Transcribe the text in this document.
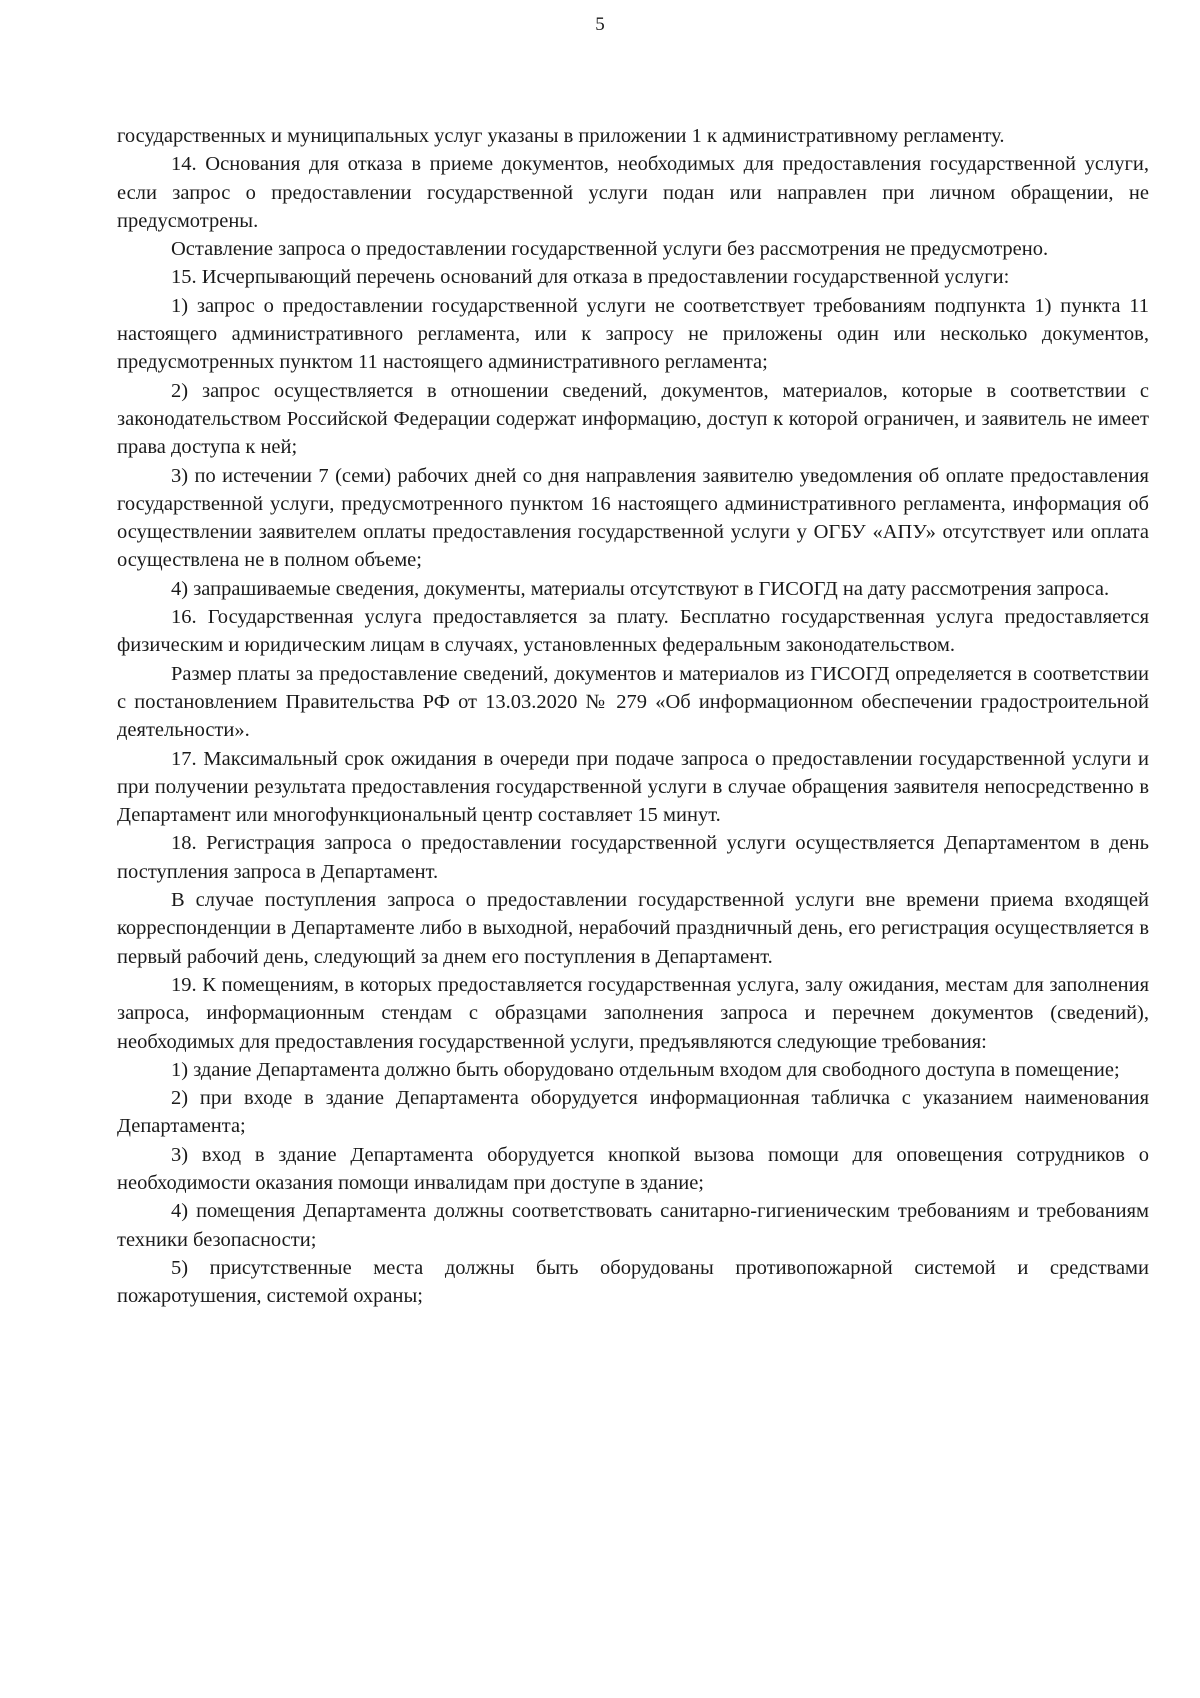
5

государственных и муниципальных услуг указаны в приложении 1 к административному регламенту.

14. Основания для отказа в приеме документов, необходимых для предоставления государственной услуги, если запрос о предоставлении государственной услуги подан или направлен при личном обращении, не предусмотрены.

Оставление запроса о предоставлении государственной услуги без рассмотрения не предусмотрено.

15. Исчерпывающий перечень оснований для отказа в предоставлении государственной услуги:

1) запрос о предоставлении государственной услуги не соответствует требованиям подпункта 1) пункта 11 настоящего административного регламента, или к запросу не приложены один или несколько документов, предусмотренных пунктом 11 настоящего административного регламента;

2) запрос осуществляется в отношении сведений, документов, материалов, которые в соответствии с законодательством Российской Федерации содержат информацию, доступ к которой ограничен, и заявитель не имеет права доступа к ней;

3) по истечении 7 (семи) рабочих дней со дня направления заявителю уведомления об оплате предоставления государственной услуги, предусмотренного пунктом 16 настоящего административного регламента, информация об осуществлении заявителем оплаты предоставления государственной услуги у ОГБУ «АПУ» отсутствует или оплата осуществлена не в полном объеме;

4) запрашиваемые сведения, документы, материалы отсутствуют в ГИСОГД на дату рассмотрения запроса.

16. Государственная услуга предоставляется за плату. Бесплатно государственная услуга предоставляется физическим и юридическим лицам в случаях, установленных федеральным законодательством.

Размер платы за предоставление сведений, документов и материалов из ГИСОГД определяется в соответствии с постановлением Правительства РФ от 13.03.2020 № 279 «Об информационном обеспечении градостроительной деятельности».

17. Максимальный срок ожидания в очереди при подаче запроса о предоставлении государственной услуги и при получении результата предоставления государственной услуги в случае обращения заявителя непосредственно в Департамент или многофункциональный центр составляет 15 минут.

18. Регистрация запроса о предоставлении государственной услуги осуществляется Департаментом в день поступления запроса в Департамент.

В случае поступления запроса о предоставлении государственной услуги вне времени приема входящей корреспонденции в Департаменте либо в выходной, нерабочий праздничный день, его регистрация осуществляется в первый рабочий день, следующий за днем его поступления в Департамент.

19. К помещениям, в которых предоставляется государственная услуга, залу ожидания, местам для заполнения запроса, информационным стендам с образцами заполнения запроса и перечнем документов (сведений), необходимых для предоставления государственной услуги, предъявляются следующие требования:

1) здание Департамента должно быть оборудовано отдельным входом для свободного доступа в помещение;

2) при входе в здание Департамента оборудуется информационная табличка с указанием наименования Департамента;

3) вход в здание Департамента оборудуется кнопкой вызова помощи для оповещения сотрудников о необходимости оказания помощи инвалидам при доступе в здание;

4) помещения Департамента должны соответствовать санитарно-гигиеническим требованиям и требованиям техники безопасности;

5) присутственные места должны быть оборудованы противопожарной системой и средствами пожаротушения, системой охраны;
